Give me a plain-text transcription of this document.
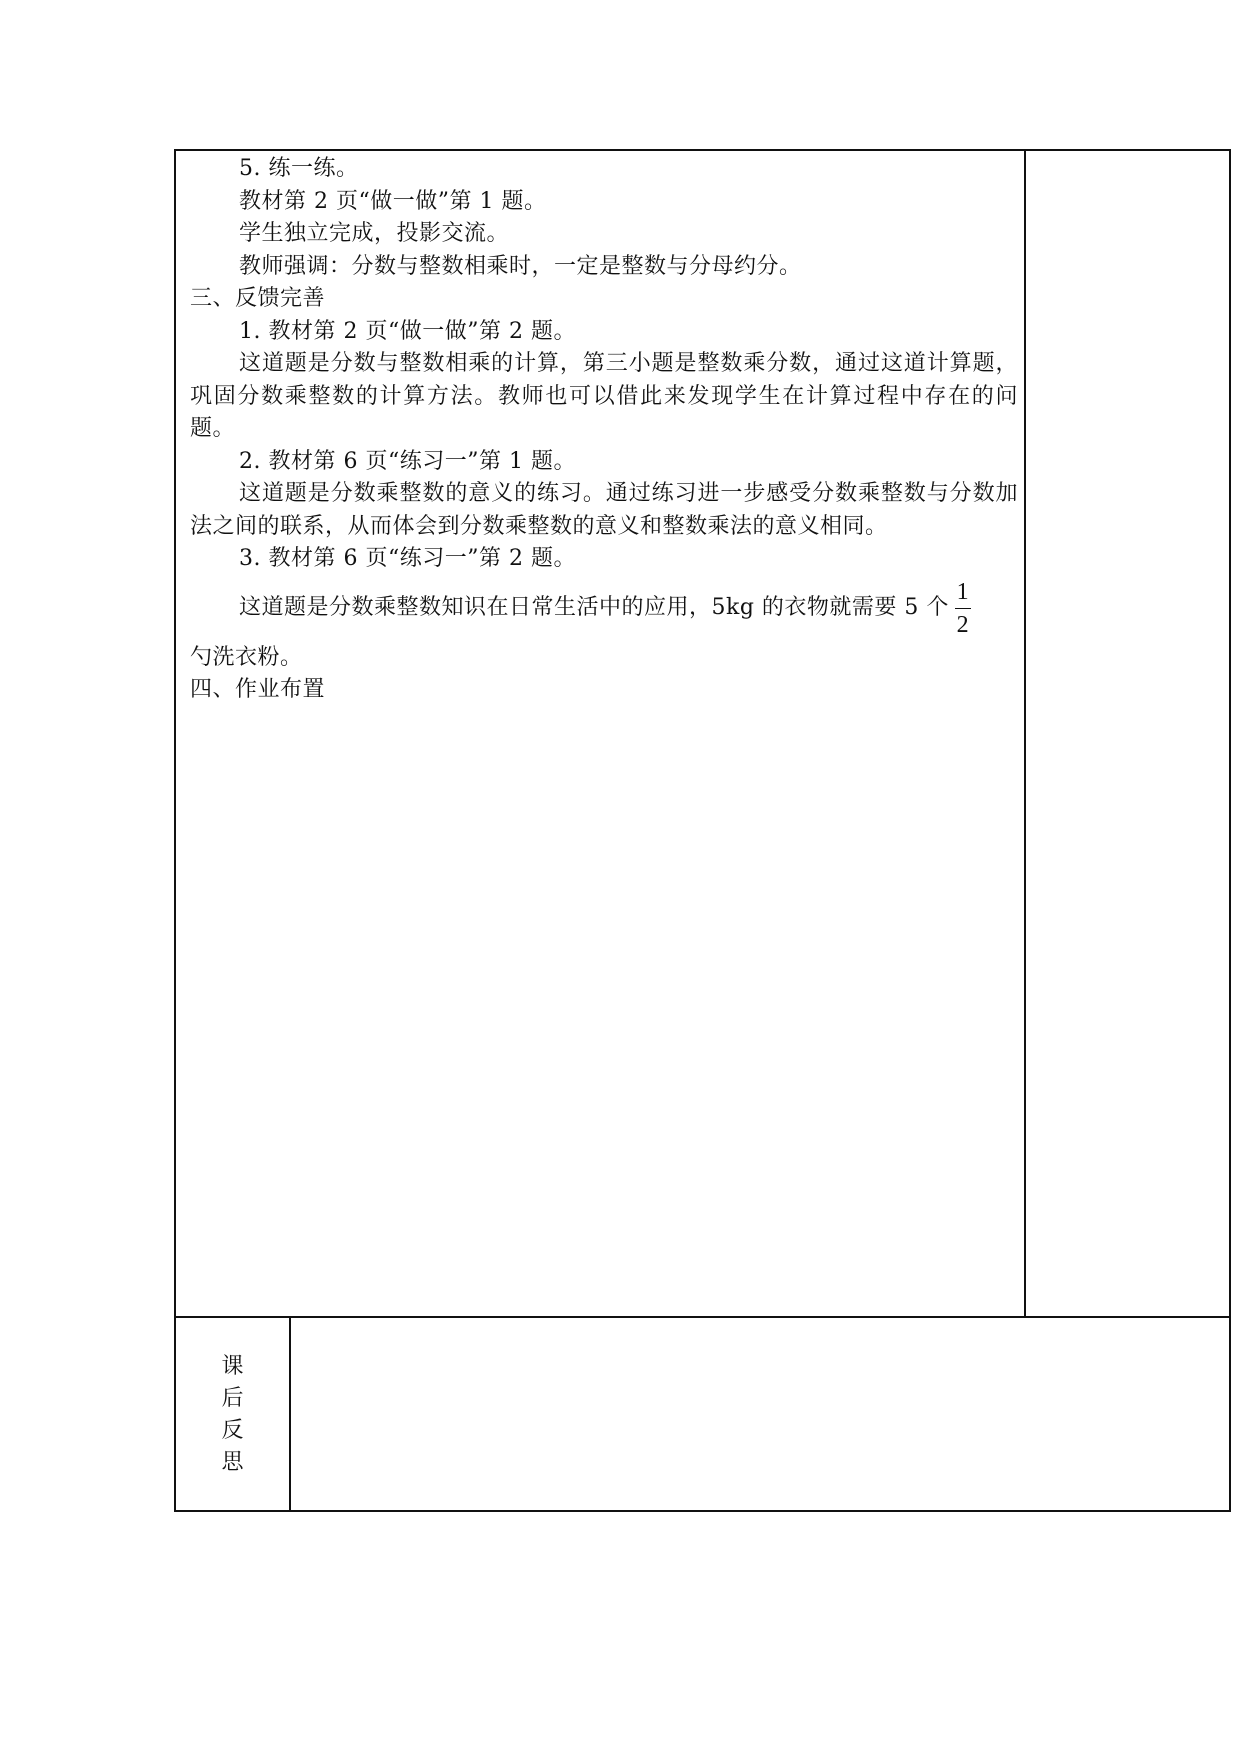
5. 练一练。
教材第 2 页“做一做”第 1 题。
学生独立完成，投影交流。
教师强调：分数与整数相乘时，一定是整数与分母约分。
三、反馈完善
1. 教材第 2 页“做一做”第 2 题。
这道题是分数与整数相乘的计算，第三小题是整数乘分数，通过这道计算题，巩固分数乘整数的计算方法。教师也可以借此来发现学生在计算过程中存在的问题。
2. 教材第 6 页“练习一”第 1 题。
这道题是分数乘整数的意义的练习。通过练习进一步感受分数乘整数与分数加法之间的联系，从而体会到分数乘整数的意义和整数乘法的意义相同。
3. 教材第 6 页“练习一”第 2 题。
这道题是分数乘整数知识在日常生活中的应用，5kg 的衣物就需要 5 个 $\frac{1}{2}$
勺洗衣粉。
四、作业布置
课
后
反
思
